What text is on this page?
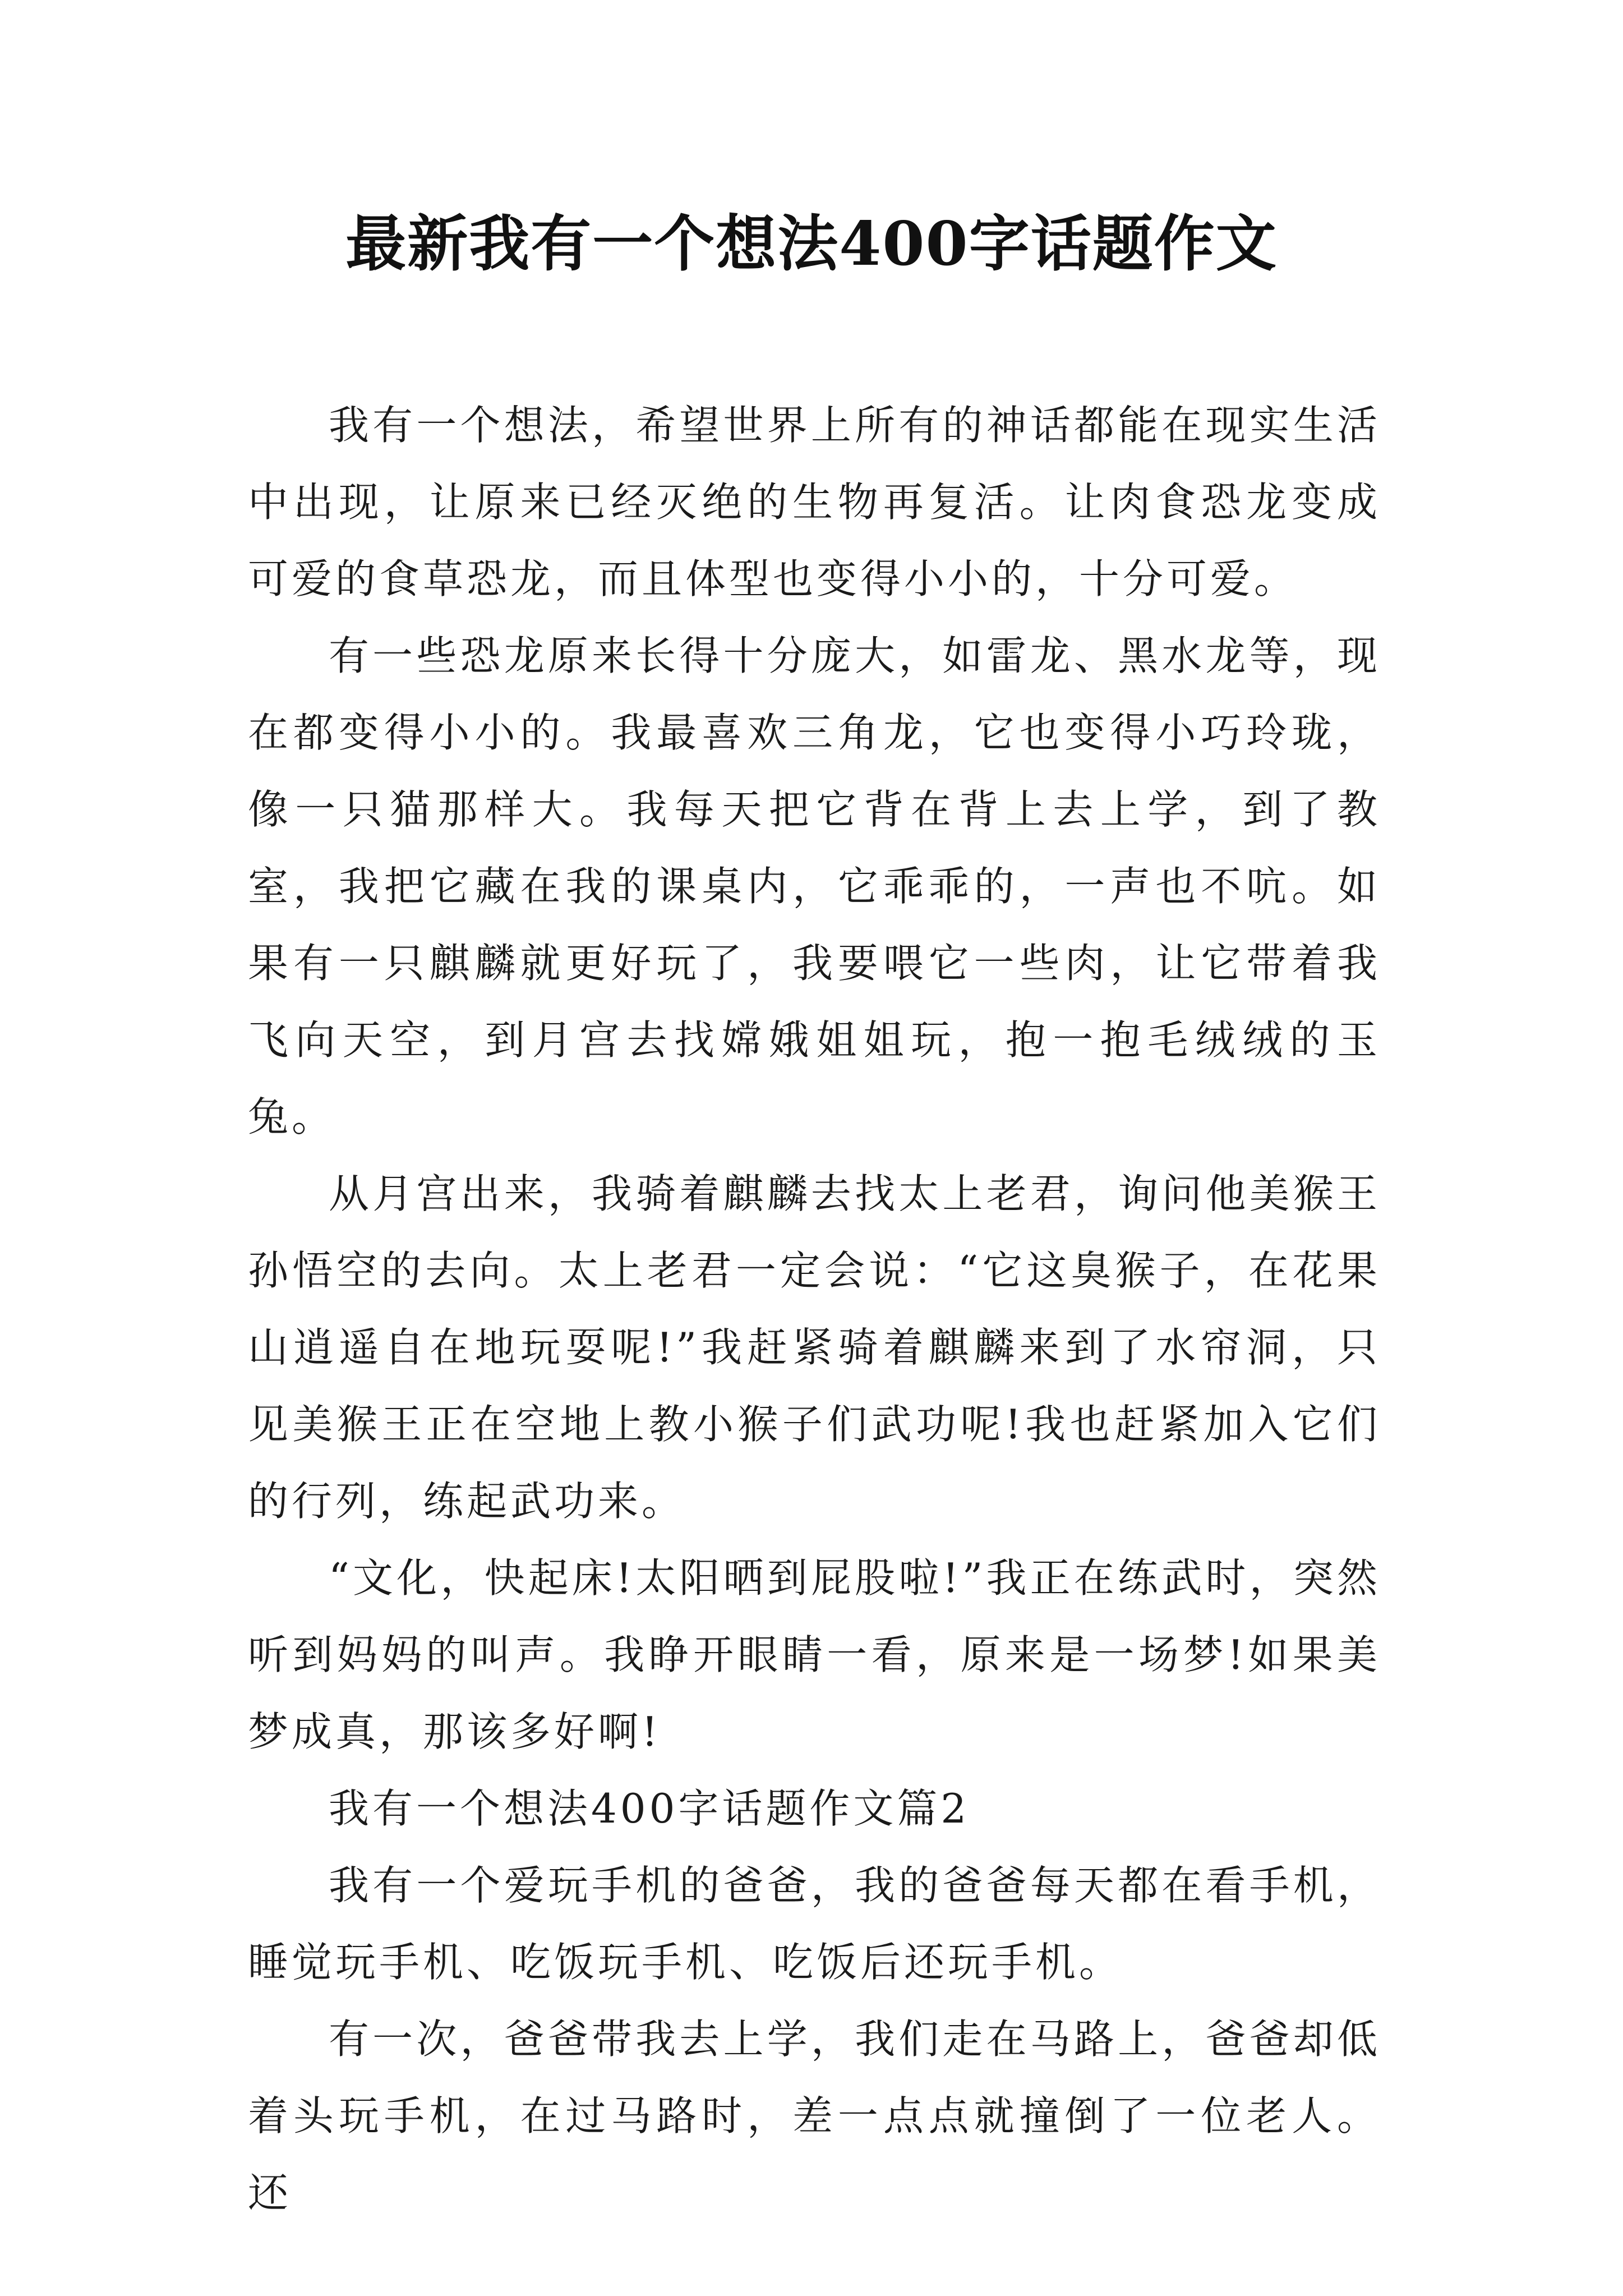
最新我有一个想法400字话题作文

我有一个想法，希望世界上所有的神话都能在现实生活中出现，让原来已经灭绝的生物再复活。让肉食恐龙变成可爱的食草恐龙，而且体型也变得小小的，十分可爱。

有一些恐龙原来长得十分庞大，如雷龙、黑水龙等，现在都变得小小的。我最喜欢三角龙，它也变得小巧玲珑，像一只猫那样大。我每天把它背在背上去上学，到了教室，我把它藏在我的课桌内，它乖乖的，一声也不吭。如果有一只麒麟就更好玩了，我要喂它一些肉，让它带着我飞向天空，到月宫去找嫦娥姐姐玩，抱一抱毛绒绒的玉兔。

从月宫出来，我骑着麒麟去找太上老君，询问他美猴王孙悟空的去向。太上老君一定会说：“它这臭猴子，在花果山逍遥自在地玩耍呢!”我赶紧骑着麒麟来到了水帘洞，只见美猴王正在空地上教小猴子们武功呢!我也赶紧加入它们的行列，练起武功来。

“文化，快起床!太阳晒到屁股啦!”我正在练武时，突然听到妈妈的叫声。我睁开眼睛一看，原来是一场梦!如果美梦成真，那该多好啊!

我有一个想法400字话题作文篇2

我有一个爱玩手机的爸爸，我的爸爸每天都在看手机，睡觉玩手机、吃饭玩手机、吃饭后还玩手机。

有一次，爸爸带我去上学，我们走在马路上，爸爸却低着头玩手机，在过马路时，差一点点就撞倒了一位老人。还
